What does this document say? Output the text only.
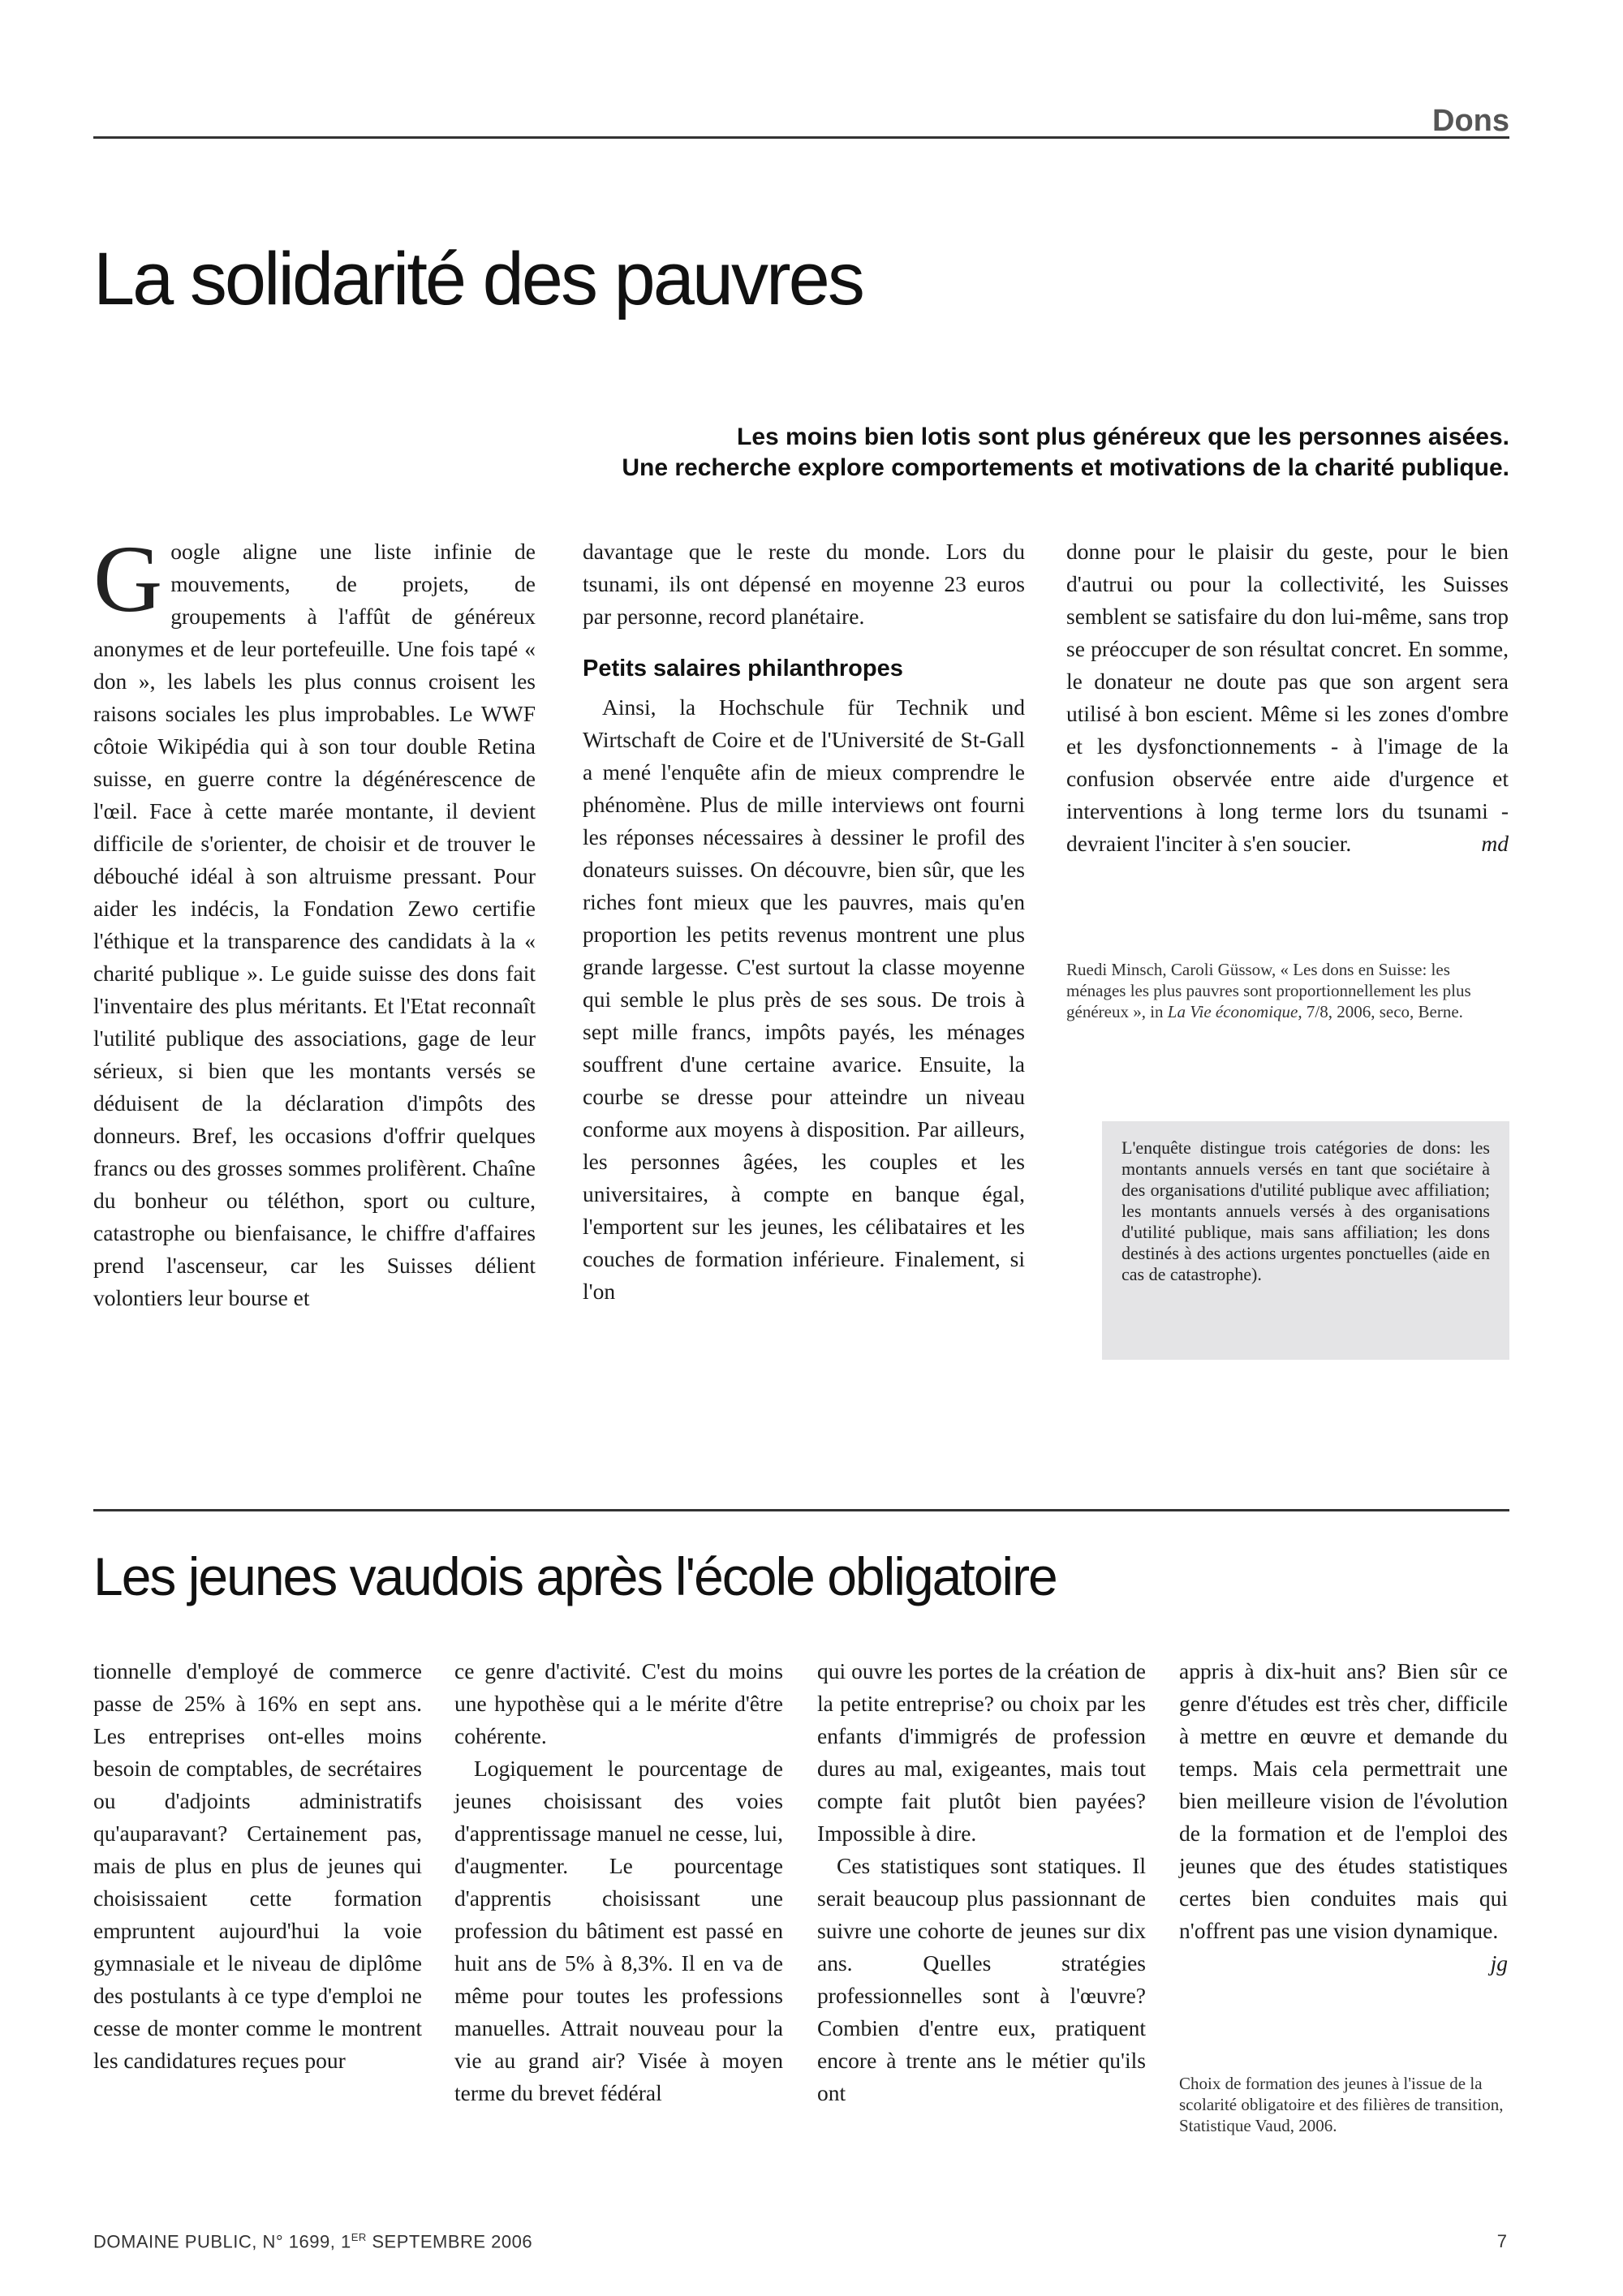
Dons
La solidarité des pauvres

Les moins bien lotis sont plus généreux que les personnes aisées.

Une recherche explore comportements et motivations de la charité publique.

Google aligne une liste infinie de mouvements, de projets, de groupements à l'affût de généreux anonymes et de leur portefeuille. Une fois tapé « don », les labels les plus connus croisent les raisons sociales les plus improbables. Le WWF côtoie Wikipédia qui à son tour double Retina suisse, en guerre contre la dégénérescence de l'œil. Face à cette marée montante, il devient difficile de s'orienter, de choisir et de trouver le débouché idéal à son altruisme pressant. Pour aider les indécis, la Fondation Zewo certifie l'éthique et la transparence des candidats à la « charité publique ». Le guide suisse des dons fait l'inventaire des plus méritants. Et l'Etat reconnaît l'utilité publique des associations, gage de leur sérieux, si bien que les montants versés se déduisent de la déclaration d'impôts des donneurs. Bref, les occasions d'offrir quelques francs ou des grosses sommes prolifèrent. Chaîne du bonheur ou téléthon, sport ou culture, catastrophe ou bienfaisance, le chiffre d'affaires prend l'ascenseur, car les Suisses délient volontiers leur bourse et

davantage que le reste du monde. Lors du tsunami, ils ont dépensé en moyenne 23 euros par personne, record planétaire.

Petits salaires philanthropes

Ainsi, la Hochschule für Technik und Wirtschaft de Coire et de l'Université de St-Gall a mené l'enquête afin de mieux comprendre le phénomène. Plus de mille interviews ont fourni les réponses nécessaires à dessiner le profil des donateurs suisses. On découvre, bien sûr, que les riches font mieux que les pauvres, mais qu'en proportion les petits revenus montrent une plus grande largesse. C'est surtout la classe moyenne qui semble le plus près de ses sous. De trois à sept mille francs, impôts payés, les ménages souffrent d'une certaine avarice. Ensuite, la courbe se dresse pour atteindre un niveau conforme aux moyens à disposition. Par ailleurs, les personnes âgées, les couples et les universitaires, à compte en banque égal, l'emportent sur les jeunes, les célibataires et les couches de formation inférieure. Finalement, si l'on

donne pour le plaisir du geste, pour le bien d'autrui ou pour la collectivité, les Suisses semblent se satisfaire du don lui-même, sans trop se préoccuper de son résultat concret. En somme, le donateur ne doute pas que son argent sera utilisé à bon escient. Même si les zones d'ombre et les dysfonctionnements - à l'image de la confusion observée entre aide d'urgence et interventions à long terme lors du tsunami - devraient l'inciter à s'en soucier.	md

Ruedi Minsch, Caroli Güssow, « Les dons en Suisse: les ménages les plus pauvres sont proportionnellement les plus généreux », in La Vie économique, 7/8, 2006, seco, Berne.

L'enquête distingue trois catégories de dons: les montants annuels versés en tant que sociétaire à des organisations d'utilité publique avec affiliation; les montants annuels versés à des organisations d'utilité publique, mais sans affiliation; les dons destinés à des actions urgentes ponctuelles (aide en cas de catastrophe).

Les jeunes vaudois après l'école obligatoire

tionnelle d'employé de commerce passe de 25% à 16% en sept ans. Les entreprises ont-elles moins besoin de comptables, de secrétaires ou d'adjoints administratifs qu'auparavant? Certainement pas, mais de plus en plus de jeunes qui choisissaient cette formation empruntent aujourd'hui la voie gymnasiale et le niveau de diplôme des postulants à ce type d'emploi ne cesse de monter comme le montrent les candidatures reçues pour

ce genre d'activité. C'est du moins une hypothèse qui a le mérite d'être cohérente.

Logiquement le pourcentage de jeunes choisissant des voies d'apprentissage manuel ne cesse, lui, d'augmenter. Le pourcentage d'apprentis choisissant une profession du bâtiment est passé en huit ans de 5% à 8,3%. Il en va de même pour toutes les professions manuelles. Attrait nouveau pour la vie au grand air? Visée à moyen terme du brevet fédéral

qui ouvre les portes de la création de la petite entreprise? ou choix par les enfants d'immigrés de profession dures au mal, exigeantes, mais tout compte fait plutôt bien payées? Impossible à dire.

Ces statistiques sont statiques. Il serait beaucoup plus passionnant de suivre une cohorte de jeunes sur dix ans. Quelles stratégies professionnelles sont à l'œuvre? Combien d'entre eux, pratiquent encore à trente ans le métier qu'ils ont

appris à dix-huit ans? Bien sûr ce genre d'études est très cher, difficile à mettre en œuvre et demande du temps. Mais cela permettrait une bien meilleure vision de l'évolution de la formation et de l'emploi des jeunes que des études statistiques certes bien conduites mais qui n'offrent pas une vision dynamique.
jg

Choix de formation des jeunes à l'issue de la scolarité obligatoire et des filières de transition, Statistique Vaud, 2006.

DOMAINE PUBLIC, N° 1699, 1ER SEPTEMBRE 2006	7
